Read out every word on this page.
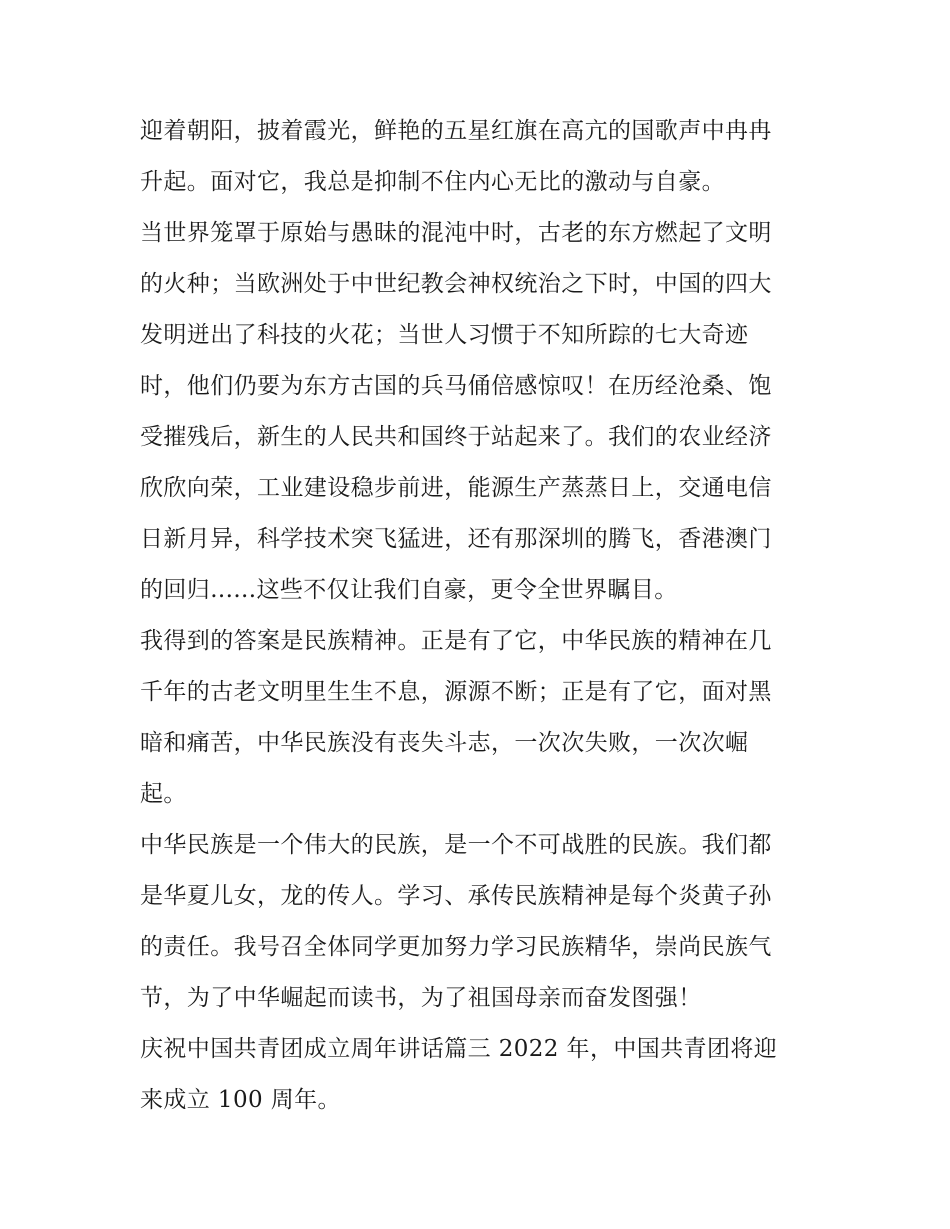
迎着朝阳，披着霞光，鲜艳的五星红旗在高亢的国歌声中冉冉
升起。面对它，我总是抑制不住内心无比的激动与自豪。
当世界笼罩于原始与愚昧的混沌中时，古老的东方燃起了文明
的火种；当欧洲处于中世纪教会神权统治之下时，中国的四大
发明迸出了科技的火花；当世人习惯于不知所踪的七大奇迹
时，他们仍要为东方古国的兵马俑倍感惊叹！在历经沧桑、饱
受摧残后，新生的人民共和国终于站起来了。我们的农业经济
欣欣向荣，工业建设稳步前进，能源生产蒸蒸日上，交通电信
日新月异，科学技术突飞猛进，还有那深圳的腾飞，香港澳门
的回归......这些不仅让我们自豪，更令全世界瞩目。
我得到的答案是民族精神。正是有了它，中华民族的精神在几
千年的古老文明里生生不息，源源不断；正是有了它，面对黑
暗和痛苦，中华民族没有丧失斗志，一次次失败，一次次崛
起。
中华民族是一个伟大的民族，是一个不可战胜的民族。我们都
是华夏儿女，龙的传人。学习、承传民族精神是每个炎黄子孙
的责任。我号召全体同学更加努力学习民族精华，崇尚民族气
节，为了中华崛起而读书，为了祖国母亲而奋发图强！
庆祝中国共青团成立周年讲话篇三 2022 年，中国共青团将迎
来成立 100 周年。
